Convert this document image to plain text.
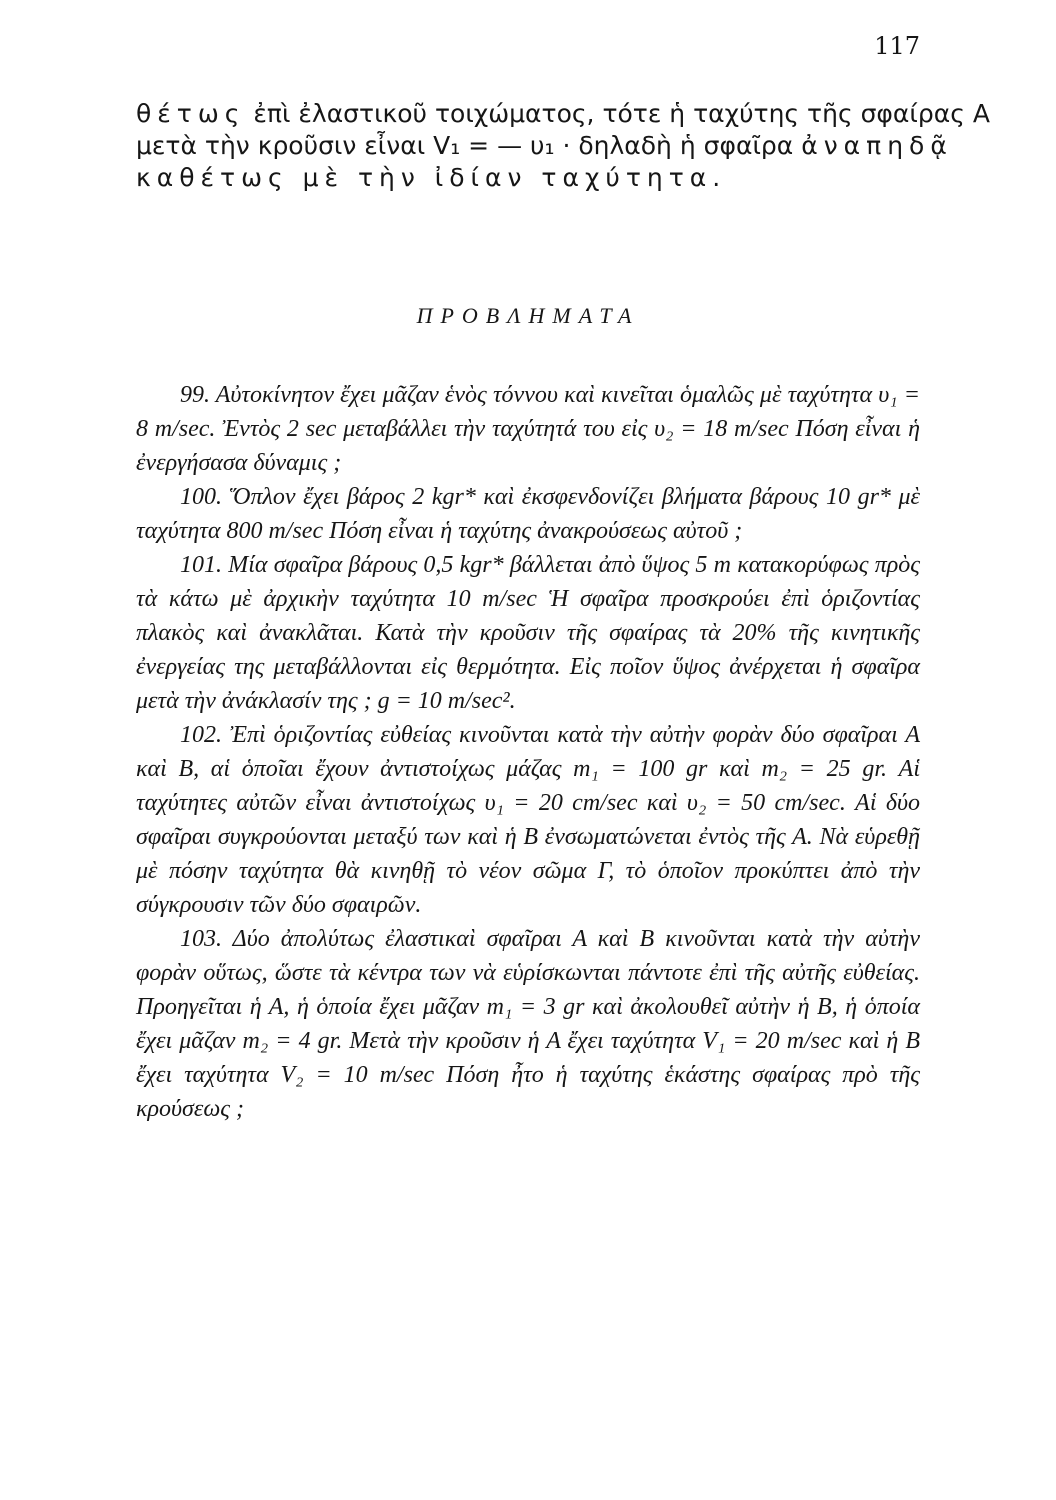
117
θέτως ἐπὶ ἐλαστικοῦ τοιχώματος, τότε ἡ ταχύτης τῆς σφαίρας Α
μετὰ τὴν κροῦσιν εἶναι V₁ = — υ₁ · δηλαδὴ ἡ σφαῖρα ἀναπηδᾷ
καθέτως μὲ τὴν ἰδίαν ταχύτητα.
ΠΡΟΒΛΗΜΑΤΑ

99. Αὐτοκίνητον ἔχει μᾶζαν ἑνὸς τόννου καὶ κινεῖται ὁμαλῶς μὲ ταχύτητα υ₁ = 8 m/sec. Ἐντὸς 2 sec μεταβάλλει τὴν ταχύτητά του εἰς υ₂ = 18 m/sec Πόση εἶναι ἡ ἐνεργήσασα δύναμις ;

100. Ὅπλον ἔχει βάρος 2 kgr* καὶ ἐκσφενδονίζει βλήματα βάρους 10 gr* μὲ ταχύτητα 800 m/sec Πόση εἶναι ἡ ταχύτης ἀνακρούσεως αὐτοῦ ;

101. Μία σφαῖρα βάρους 0,5 kgr* βάλλεται ἀπὸ ὕψος 5 m κατακορύφως πρὸς τὰ κάτω μὲ ἀρχικὴν ταχύτητα 10 m/sec Ἡ σφαῖρα προσκρούει ἐπὶ ὁριζοντίας πλακὸς καὶ ἀνακλᾶται. Κατὰ τὴν κροῦσιν τῆς σφαίρας τὰ 20% τῆς κινητικῆς ἐνεργείας της μεταβάλλονται εἰς θερμότητα. Εἰς ποῖον ὕψος ἀνέρχεται ἡ σφαῖρα μετὰ τὴν ἀνάκλασίν της ; g = 10 m/sec².

102. Ἐπὶ ὁριζοντίας εὐθείας κινοῦνται κατὰ τὴν αὐτὴν φορὰν δύο σφαῖραι Α καὶ Β, αἱ ὁποῖαι ἔχουν ἀντιστοίχως μάζας m₁ = 100 gr καὶ m₂ = 25 gr. Αἱ ταχύτητες αὐτῶν εἶναι ἀντιστοίχως υ₁ = 20 cm/sec καὶ υ₂ = 50 cm/sec. Αἱ δύο σφαῖραι συγκρούονται μεταξύ των καὶ ἡ Β ἐνσωματώνεται ἐντὸς τῆς Α. Νὰ εὑρεθῇ μὲ πόσην ταχύτητα θὰ κινηθῇ τὸ νέον σῶμα Γ, τὸ ὁποῖον προκύπτει ἀπὸ τὴν σύγκρουσιν τῶν δύο σφαιρῶν.

103. Δύο ἀπολύτως ἐλαστικαὶ σφαῖραι Α καὶ Β κινοῦνται κατὰ τὴν αὐτὴν φορὰν οὕτως, ὥστε τὰ κέντρα των νὰ εὑρίσκωνται πάντοτε ἐπὶ τῆς αὐτῆς εὐθείας. Προηγεῖται ἡ Α, ἡ ὁποία ἔχει μᾶζαν m₁ = 3 gr καὶ ἀκολουθεῖ αὐτὴν ἡ Β, ἡ ὁποία ἔχει μᾶζαν m₂ = 4 gr. Μετὰ τὴν κροῦσιν ἡ Α ἔχει ταχύτητα V₁ = 20 m/sec καὶ ἡ Β ἔχει ταχύτητα V₂ = 10 m/sec Πόση ἦτο ἡ ταχύτης ἑκάστης σφαίρας πρὸ τῆς κρούσεως ;
